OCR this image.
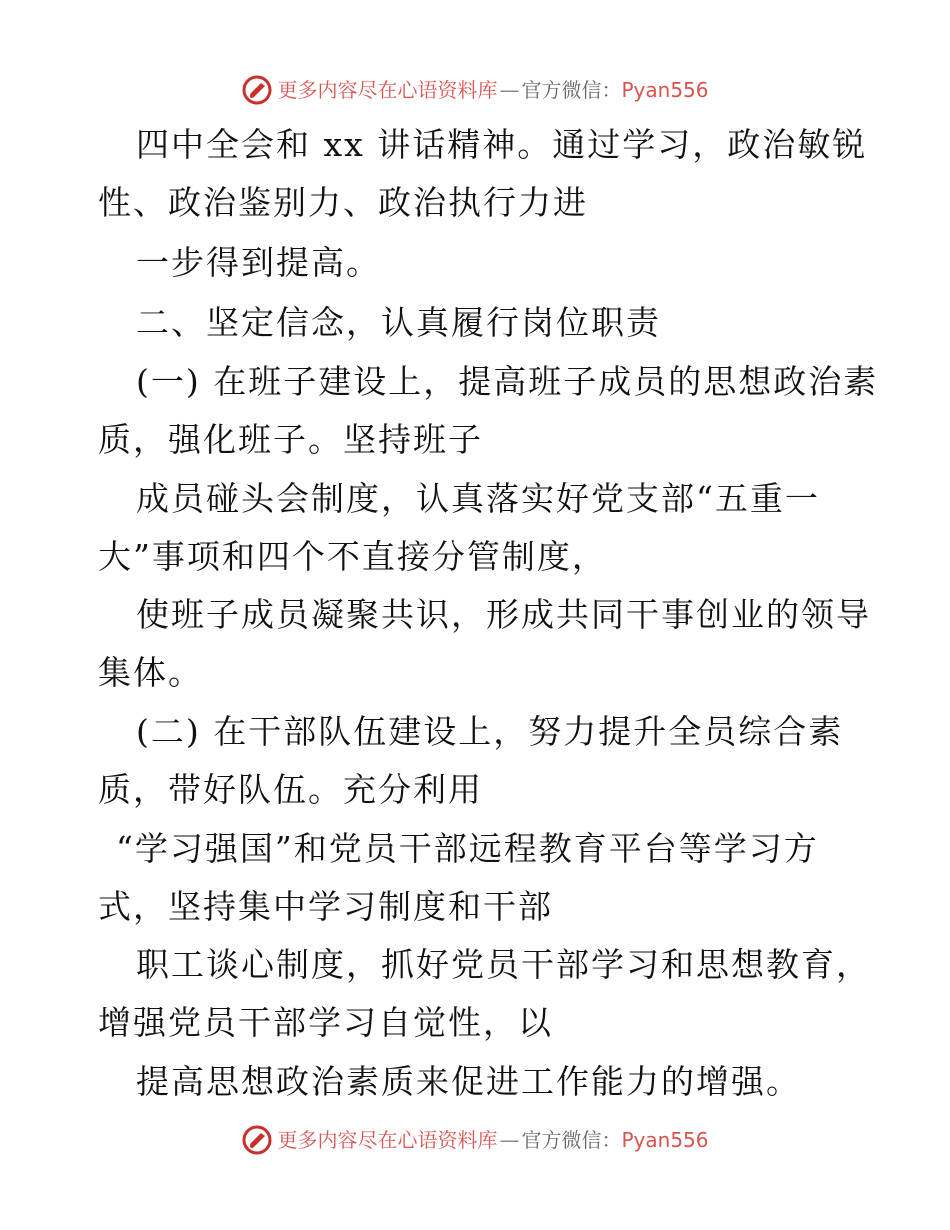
更多内容尽在心语资料库 — 官方微信： Pyan556
四中全会和 xx 讲话精神。通过学习，政治敏锐
性、政治鉴别力、政治执行力进
一步得到提高。
二、坚定信念，认真履行岗位职责
(一) 在班子建设上，提高班子成员的思想政治素
质，强化班子。坚持班子
成员碰头会制度，认真落实好党支部“五重一
大”事项和四个不直接分管制度，
使班子成员凝聚共识，形成共同干事创业的领导
集体。
(二) 在干部队伍建设上，努力提升全员综合素
质，带好队伍。充分利用
“学习强国”和党员干部远程教育平台等学习方
式，坚持集中学习制度和干部
职工谈心制度，抓好党员干部学习和思想教育，
增强党员干部学习自觉性，以
提高思想政治素质来促进工作能力的增强。
更多内容尽在心语资料库 — 官方微信： Pyan556
